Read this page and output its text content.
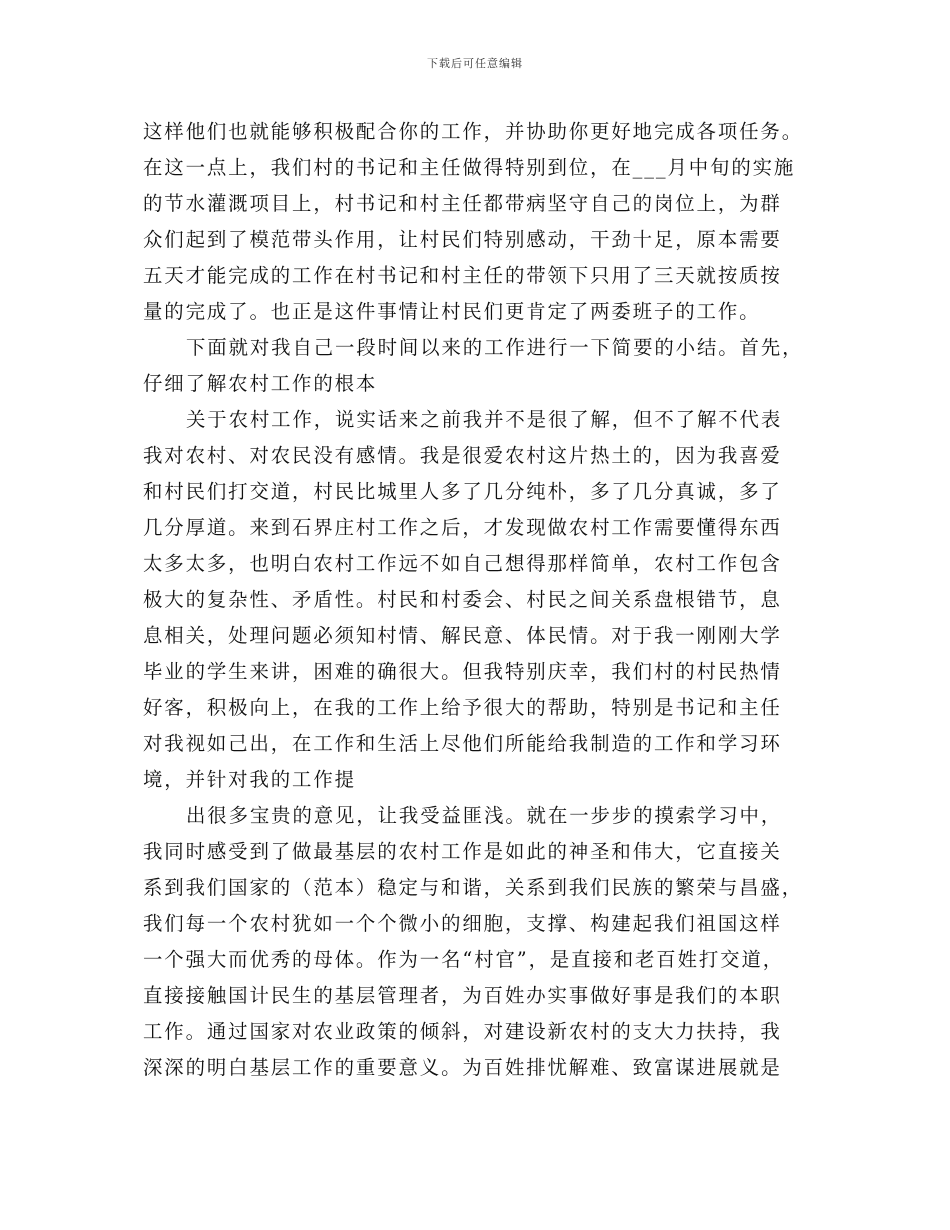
下载后可任意编辑
这样他们也就能够积极配合你的工作，并协助你更好地完成各项任务。
在这一点上，我们村的书记和主任做得特别到位，在___月中旬的实施
的节水灌溉项目上，村书记和村主任都带病坚守自己的岗位上，为群
众们起到了模范带头作用，让村民们特别感动，干劲十足，原本需要
五天才能完成的工作在村书记和村主任的带领下只用了三天就按质按
量的完成了。也正是这件事情让村民们更肯定了两委班子的工作。
下面就对我自己一段时间以来的工作进行一下简要的小结。首先，
仔细了解农村工作的根本
关于农村工作，说实话来之前我并不是很了解，但不了解不代表
我对农村、对农民没有感情。我是很爱农村这片热土的，因为我喜爱
和村民们打交道，村民比城里人多了几分纯朴，多了几分真诚，多了
几分厚道。来到石界庄村工作之后，才发现做农村工作需要懂得东西
太多太多，也明白农村工作远不如自己想得那样简单，农村工作包含
极大的复杂性、矛盾性。村民和村委会、村民之间关系盘根错节，息
息相关，处理问题必须知村情、解民意、体民情。对于我一刚刚大学
毕业的学生来讲，困难的确很大。但我特别庆幸，我们村的村民热情
好客，积极向上，在我的工作上给予很大的帮助，特别是书记和主任
对我视如己出，在工作和生活上尽他们所能给我制造的工作和学习环
境，并针对我的工作提
出很多宝贵的意见，让我受益匪浅。就在一步步的摸索学习中，
我同时感受到了做最基层的农村工作是如此的神圣和伟大，它直接关
系到我们国家的（范本）稳定与和谐，关系到我们民族的繁荣与昌盛，
我们每一个农村犹如一个个微小的细胞，支撑、构建起我们祖国这样
一个强大而优秀的母体。作为一名“村官”，是直接和老百姓打交道，
直接接触国计民生的基层管理者，为百姓办实事做好事是我们的本职
工作。通过国家对农业政策的倾斜，对建设新农村的支大力扶持，我
深深的明白基层工作的重要意义。为百姓排忧解难、致富谋进展就是
